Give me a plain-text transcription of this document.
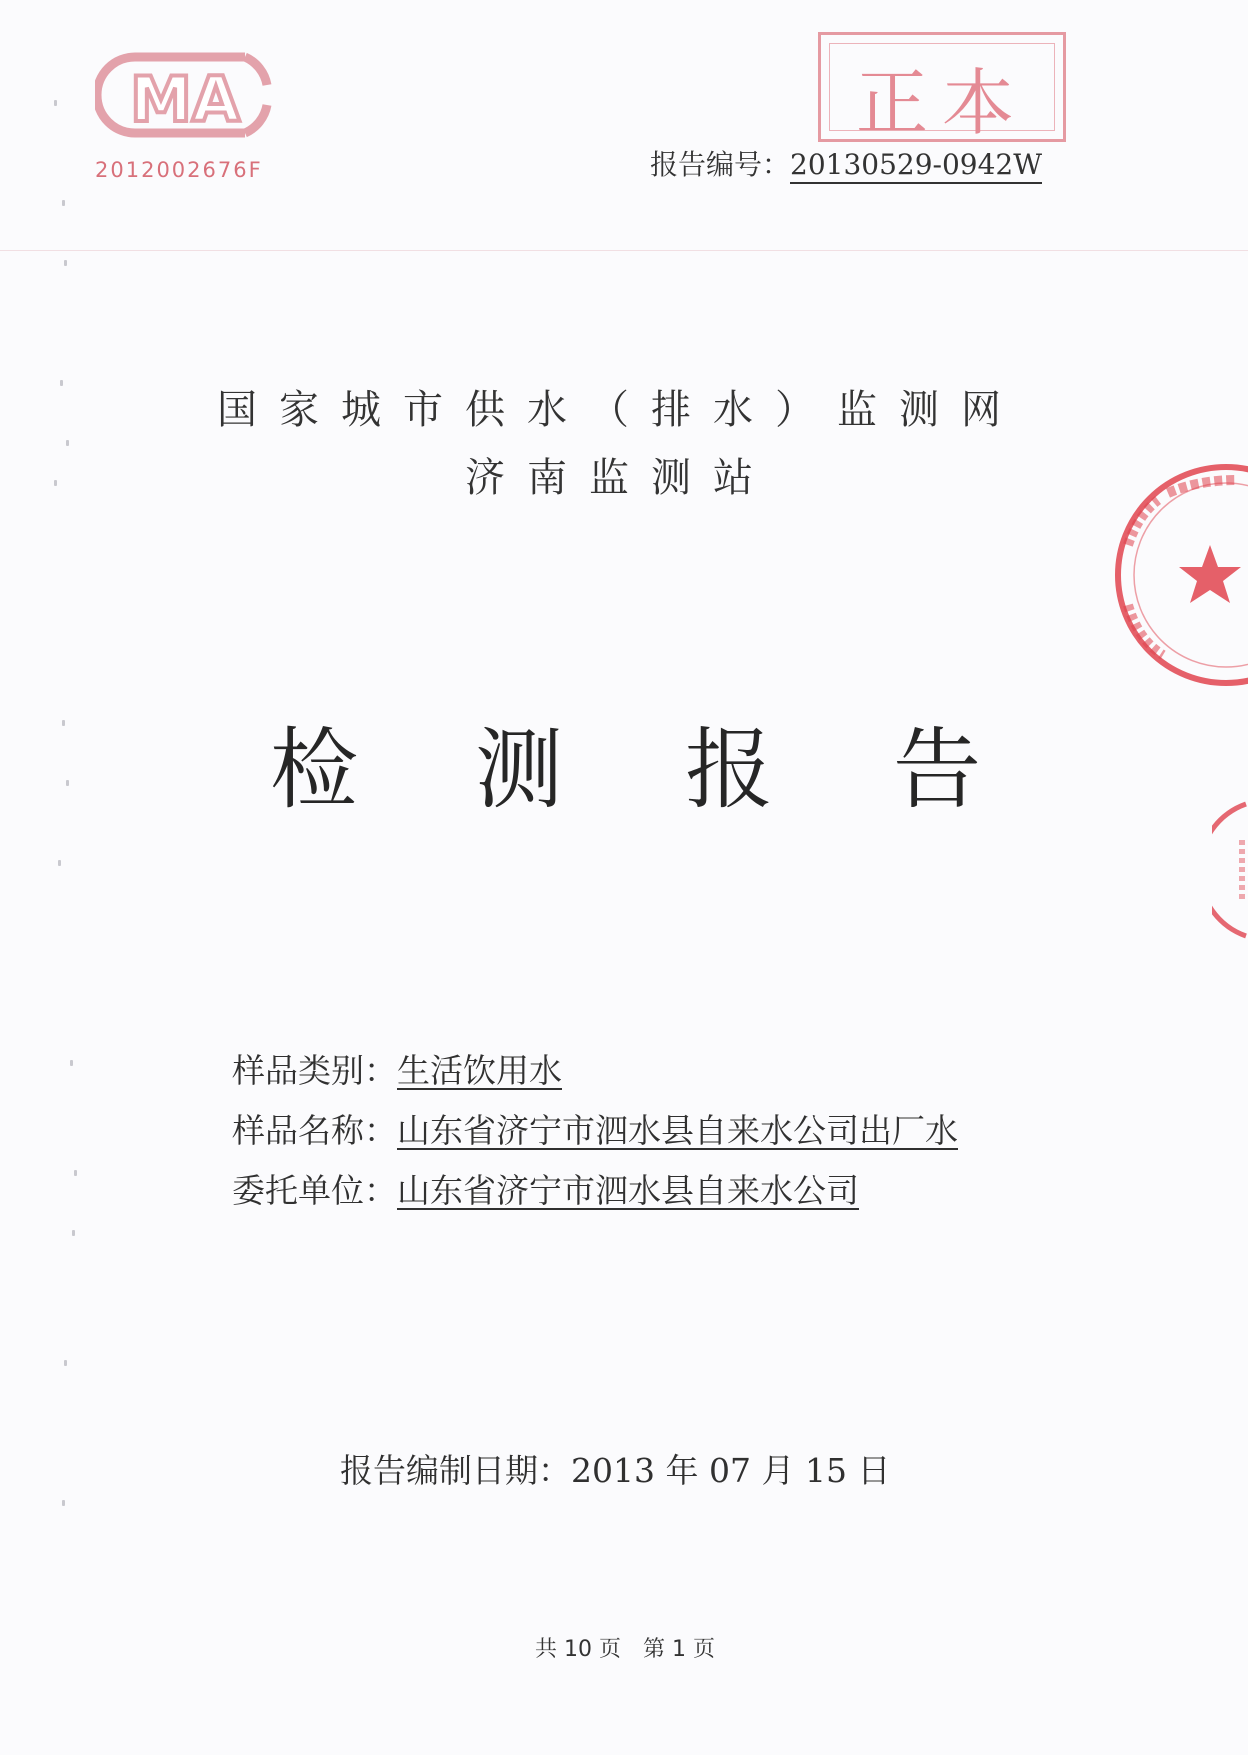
MA
2012002676F
正本
报告编号：20130529-0942W
国家城市供水（排水）监测网
济南监测站
检 测 报 告
样品类别：生活饮用水
样品名称：山东省济宁市泗水县自来水公司出厂水
委托单位：山东省济宁市泗水县自来水公司
报告编制日期：2013 年 07 月 15 日
共 10 页　第 1 页
